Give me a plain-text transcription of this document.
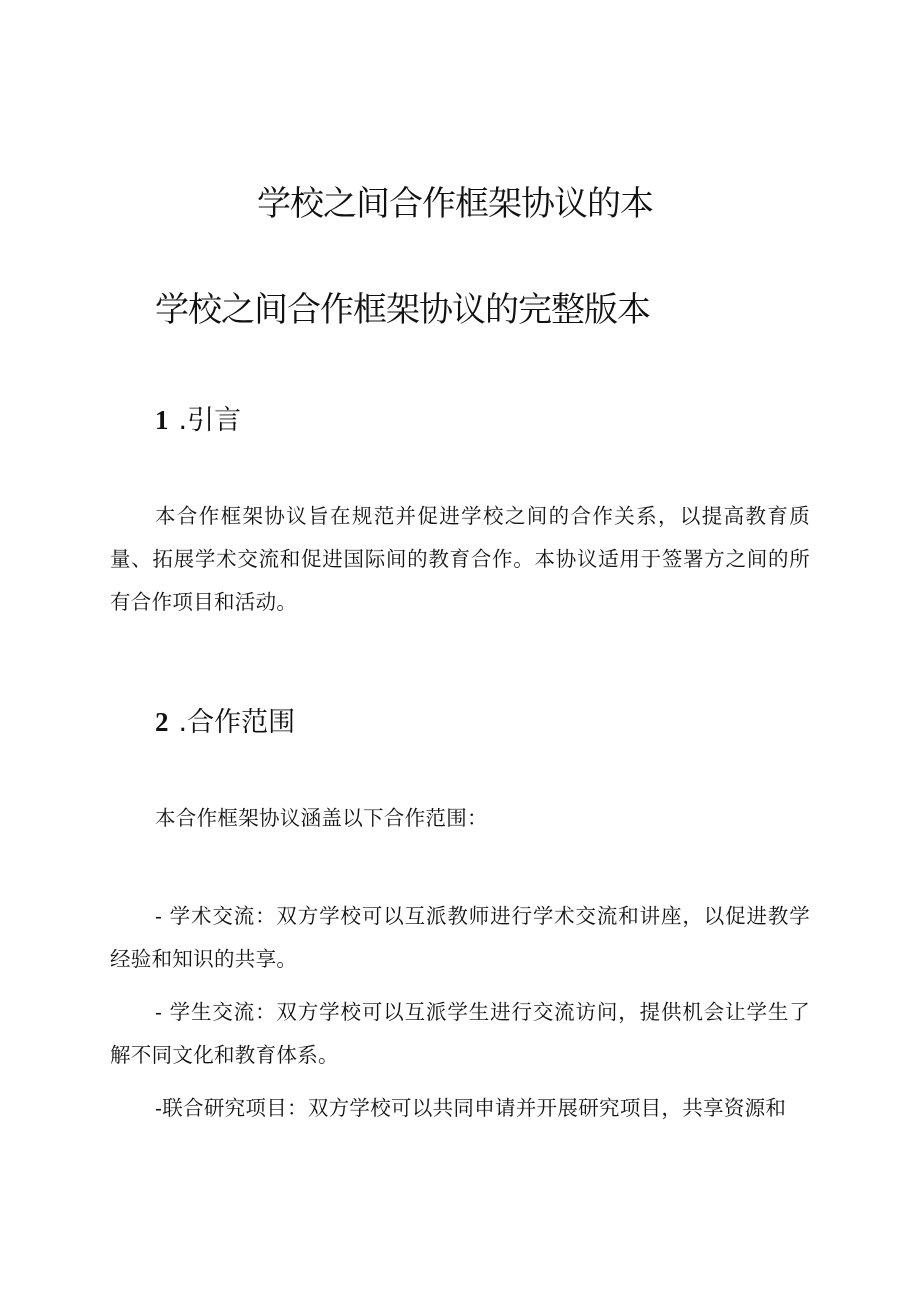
学校之间合作框架协议的本
学校之间合作框架协议的完整版本
1 .引言

本合作框架协议旨在规范并促进学校之间的合作关系，以提高教育质量、拓展学术交流和促进国际间的教育合作。本协议适用于签署方之间的所有合作项目和活动。

2 .合作范围

本合作框架协议涵盖以下合作范围：

- 学术交流：双方学校可以互派教师进行学术交流和讲座，以促进教学经验和知识的共享。

- 学生交流：双方学校可以互派学生进行交流访问，提供机会让学生了解不同文化和教育体系。

-联合研究项目：双方学校可以共同申请并开展研究项目，共享资源和
